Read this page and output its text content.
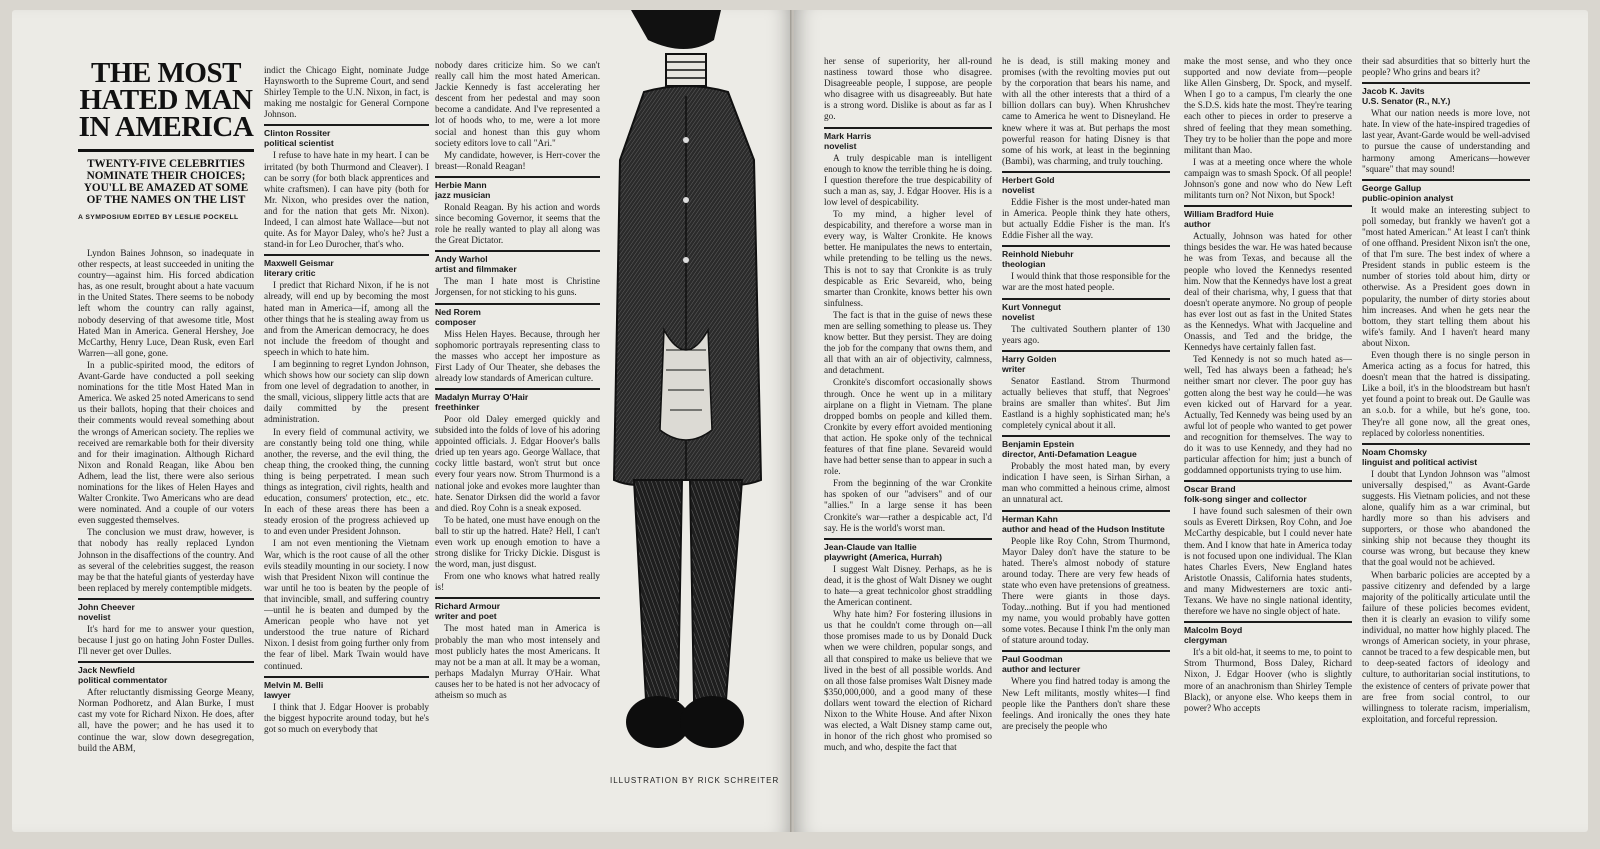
THE MOST HATED MAN IN AMERICA
TWENTY-FIVE CELEBRITIES NOMINATE THEIR CHOICES; YOU'LL BE AMAZED AT SOME OF THE NAMES ON THE LIST
A SYMPOSIUM EDITED BY LESLIE POCKELL

Lyndon Baines Johnson, so inadequate in other respects, at least succeeded in uniting the country—against him. His forced abdication has, as one result, brought about a hate vacuum in the United States. There seems to be nobody left whom the country can rally against, nobody deserving of that awesome title, Most Hated Man in America. General Hershey, Joe McCarthy, Henry Luce, Dean Rusk, even Earl Warren—all gone, gone.

In a public-spirited mood, the editors of Avant-Garde have conducted a poll seeking nominations for the title Most Hated Man in America. We asked 25 noted Americans to send us their ballots, hoping that their choices and their comments would reveal something about the wrongs of American society. The replies we received are remarkable both for their diversity and for their imagination. Although Richard Nixon and Ronald Reagan, like Abou ben Adhem, lead the list, there were also serious nominations for the likes of Helen Hayes and Walter Cronkite. Two Americans who are dead were nominated. And a couple of our voters even suggested themselves.

The conclusion we must draw, however, is that nobody has really replaced Lyndon Johnson in the disaffections of the country. And as several of the celebrities suggest, the reason may be that the hateful giants of yesterday have been replaced by merely contemptible midgets.

John Cheever
novelist

It's hard for me to answer your question, because I just go on hating John Foster Dulles. I'll never get over Dulles.

Jack Newfield
political commentator

After reluctantly dismissing George Meany, Norman Podhoretz, and Alan Burke, I must cast my vote for Richard Nixon. He does, after all, have the power; and he has used it to continue the war, slow down desegregation, build the ABM,

indict the Chicago Eight, nominate Judge Haynsworth to the Supreme Court, and send Shirley Temple to the U.N. Nixon, in fact, is making me nostalgic for General Cornpone Johnson.

Clinton Rossiter
political scientist

I refuse to have hate in my heart. I can be irritated (by both Thurmond and Cleaver). I can be sorry (for both black apprentices and white craftsmen). I can have pity (both for Mr. Nixon, who presides over the nation, and for the nation that gets Mr. Nixon). Indeed, I can almost hate Wallace—but not quite. As for Mayor Daley, who's he? Just a stand-in for Leo Durocher, that's who.

Maxwell Geismar
literary critic

I predict that Richard Nixon, if he is not already, will end up by becoming the most hated man in America—if, among all the other things that he is stealing away from us and from the American democracy, he does not include the freedom of thought and speech in which to hate him.

I am beginning to regret Lyndon Johnson, which shows how our society can slip down from one level of degradation to another, in the small, vicious, slippery little acts that are daily committed by the present administration.

In every field of communal activity, we are constantly being told one thing, while another, the reverse, and the evil thing, the cheap thing, the crooked thing, the cunning thing is being perpetrated. I mean such things as integration, civil rights, health and education, consumers' protection, etc., etc. In each of these areas there has been a steady erosion of the progress achieved up to and even under President Johnson.

I am not even mentioning the Vietnam War, which is the root cause of all the other evils steadily mounting in our society. I now wish that President Nixon will continue the war until he too is beaten by the people of that invincible, small, and suffering country—until he is beaten and dumped by the American people who have not yet understood the true nature of Richard Nixon. I desist from going further only from the fear of libel. Mark Twain would have continued.

Melvin M. Belli
lawyer

I think that J. Edgar Hoover is probably the biggest hypocrite around today, but he's got so much on everybody that

nobody dares criticize him. So we can't really call him the most hated American. Jackie Kennedy is fast accelerating her descent from her pedestal and may soon become a candidate. And I've represented a lot of hoods who, to me, were a lot more social and honest than this guy whom society editors love to call "Ari."

My candidate, however, is Herr-cover the breast—Ronald Reagan!

Herbie Mann
jazz musician

Ronald Reagan. By his action and words since becoming Governor, it seems that the role he really wanted to play all along was the Great Dictator.

Andy Warhol
artist and filmmaker

The man I hate most is Christine Jorgensen, for not sticking to his guns.

Ned Rorem
composer

Miss Helen Hayes. Because, through her sophomoric portrayals representing class to the masses who accept her imposture as First Lady of Our Theater, she debases the already low standards of American culture.

Madalyn Murray O'Hair
freethinker

Poor old Daley emerged quickly and subsided into the folds of love of his adoring appointed officials. J. Edgar Hoover's balls dried up ten years ago. George Wallace, that cocky little bastard, won't strut but once every four years now. Strom Thurmond is a national joke and evokes more laughter than hate. Senator Dirksen did the world a favor and died. Roy Cohn is a sneak exposed.

To be hated, one must have enough on the ball to stir up the hatred. Hate? Hell, I can't even work up enough emotion to have a strong dislike for Tricky Dickie. Disgust is the word, man, just disgust.

From one who knows what hatred really is!

Richard Armour
writer and poet

The most hated man in America is probably the man who most intensely and most publicly hates the most Americans. It may not be a man at all. It may be a woman, perhaps Madalyn Murray O'Hair. What causes her to be hated is not her advocacy of atheism so much as

ILLUSTRATION BY RICK SCHREITER

her sense of superiority, her all-round nastiness toward those who disagree. Disagreeable people, I suppose, are people who disagree with us disagreeably. But hate is a strong word. Dislike is about as far as I go.

Mark Harris
novelist

A truly despicable man is intelligent enough to know the terrible thing he is doing. I question therefore the true despicability of such a man as, say, J. Edgar Hoover. His is a low level of despicability.

To my mind, a higher level of despicability, and therefore a worse man in every way, is Walter Cronkite. He knows better. He manipulates the news to entertain, while pretending to be telling us the news. This is not to say that Cronkite is as truly despicable as Eric Sevareid, who, being smarter than Cronkite, knows better his own sinfulness.

The fact is that in the guise of news these men are selling something to please us. They know better. But they persist. They are doing the job for the company that owns them, and all that with an air of objectivity, calmness, and detachment.

Cronkite's discomfort occasionally shows through. Once he went up in a military airplane on a flight in Vietnam. The plane dropped bombs on people and killed them. Cronkite by every effort avoided mentioning that action. He spoke only of the technical features of that fine plane. Sevareid would have had better sense than to appear in such a role.

From the beginning of the war Cronkite has spoken of our "advisers" and of our "allies." In a large sense it has been Cronkite's war—rather a despicable act, I'd say. He is the world's worst man.

Jean-Claude van Itallie
playwright (America, Hurrah)

I suggest Walt Disney. Perhaps, as he is dead, it is the ghost of Walt Disney we ought to hate—a great technicolor ghost straddling the American continent.

Why hate him? For fostering illusions in us that he couldn't come through on—all those promises made to us by Donald Duck when we were children, popular songs, and all that conspired to make us believe that we lived in the best of all possible worlds. And on all those false promises Walt Disney made $350,000,000, and a good many of these dollars went toward the election of Richard Nixon to the White House. And after Nixon was elected, a Walt Disney stamp came out, in honor of the rich ghost who promised so much, and who, despite the fact that

he is dead, is still making money and promises (with the revolting movies put out by the corporation that bears his name, and with all the other interests that a third of a billion dollars can buy). When Khrushchev came to America he went to Disneyland. He knew where it was at. But perhaps the most powerful reason for hating Disney is that some of his work, at least in the beginning (Bambi), was charming, and truly touching.

Herbert Gold
novelist

Eddie Fisher is the most under-hated man in America. People think they hate others, but actually Eddie Fisher is the man. It's Eddie Fisher all the way.

Reinhold Niebuhr
theologian

I would think that those responsible for the war are the most hated people.

Kurt Vonnegut
novelist

The cultivated Southern planter of 130 years ago.

Harry Golden
writer

Senator Eastland. Strom Thurmond actually believes that stuff, that Negroes' brains are smaller than whites'. But Jim Eastland is a highly sophisticated man; he's completely cynical about it all.

Benjamin Epstein
director, Anti-Defamation League

Probably the most hated man, by every indication I have seen, is Sirhan Sirhan, a man who committed a heinous crime, almost an unnatural act.

Herman Kahn
author and head of the Hudson Institute

People like Roy Cohn, Strom Thurmond, Mayor Daley don't have the stature to be hated. There's almost nobody of stature around today. There are very few heads of state who even have pretensions of greatness. There were giants in those days. Today...nothing. But if you had mentioned my name, you would probably have gotten some votes. Because I think I'm the only man of stature around today.

Paul Goodman
author and lecturer

Where you find hatred today is among the New Left militants, mostly whites—I find people like the Panthers don't share these feelings. And ironically the ones they hate are precisely the people who

make the most sense, and who they once supported and now deviate from—people like Allen Ginsberg, Dr. Spock, and myself. When I go to a campus, I'm clearly the one the S.D.S. kids hate the most. They're tearing each other to pieces in order to preserve a shred of feeling that they mean something. They try to be holier than the pope and more militant than Mao.

I was at a meeting once where the whole campaign was to smash Spock. Of all people! Johnson's gone and now who do New Left militants turn on? Not Nixon, but Spock!

William Bradford Huie
author

Actually, Johnson was hated for other things besides the war. He was hated because he was from Texas, and because all the people who loved the Kennedys resented him. Now that the Kennedys have lost a great deal of their charisma, why, I guess that that doesn't operate anymore. No group of people has ever lost out as fast in the United States as the Kennedys. What with Jacqueline and Onassis, and Ted and the bridge, the Kennedys have certainly fallen fast.

Ted Kennedy is not so much hated as—well, Ted has always been a fathead; he's neither smart nor clever. The poor guy has gotten along the best way he could—he was even kicked out of Harvard for a year. Actually, Ted Kennedy was being used by an awful lot of people who wanted to get power and recognition for themselves. The way to do it was to use Kennedy, and they had no particular affection for him; just a bunch of goddamned opportunists trying to use him.

Oscar Brand
folk-song singer and collector

I have found such salesmen of their own souls as Everett Dirksen, Roy Cohn, and Joe McCarthy despicable, but I could never hate them. And I know that hate in America today is not focused upon one individual. The Klan hates Charles Evers, New England hates Aristotle Onassis, California hates students, and many Midwesterners are toxic anti-Texans. We have no single national identity, therefore we have no single object of hate.

Malcolm Boyd
clergyman

It's a bit old-hat, it seems to me, to point to Strom Thurmond, Boss Daley, Richard Nixon, J. Edgar Hoover (who is slightly more of an anachronism than Shirley Temple Black), or anyone else. Who keeps them in power? Who accepts

their sad absurdities that so bitterly hurt the people? Who grins and bears it?

Jacob K. Javits
U.S. Senator (R., N.Y.)

What our nation needs is more love, not hate. In view of the hate-inspired tragedies of last year, Avant-Garde would be well-advised to pursue the cause of understanding and harmony among Americans—however "square" that may sound!

George Gallup
public-opinion analyst

It would make an interesting subject to poll someday, but frankly we haven't got a "most hated American." At least I can't think of one offhand. President Nixon isn't the one, of that I'm sure. The best index of where a President stands in public esteem is the number of stories told about him, dirty or otherwise. As a President goes down in popularity, the number of dirty stories about him increases. And when he gets near the bottom, they start telling them about his wife's family. And I haven't heard many about Nixon.

Even though there is no single person in America acting as a focus for hatred, this doesn't mean that the hatred is dissipating. Like a boil, it's in the bloodstream but hasn't yet found a point to break out. De Gaulle was an s.o.b. for a while, but he's gone, too. They're all gone now, all the great ones, replaced by colorless nonentities.

Noam Chomsky
linguist and political activist

I doubt that Lyndon Johnson was "almost universally despised," as Avant-Garde suggests. His Vietnam policies, and not these alone, qualify him as a war criminal, but hardly more so than his advisers and supporters, or those who abandoned the sinking ship not because they thought its course was wrong, but because they knew that the goal would not be achieved.

When barbaric policies are accepted by a passive citizenry and defended by a large majority of the politically articulate until the failure of these policies becomes evident, then it is clearly an evasion to vilify some individual, no matter how highly placed. The wrongs of American society, in your phrase, cannot be traced to a few despicable men, but to deep-seated factors of ideology and culture, to authoritarian social institutions, to the existence of centers of private power that are free from social control, to our willingness to tolerate racism, imperialism, exploitation, and forceful repression.
